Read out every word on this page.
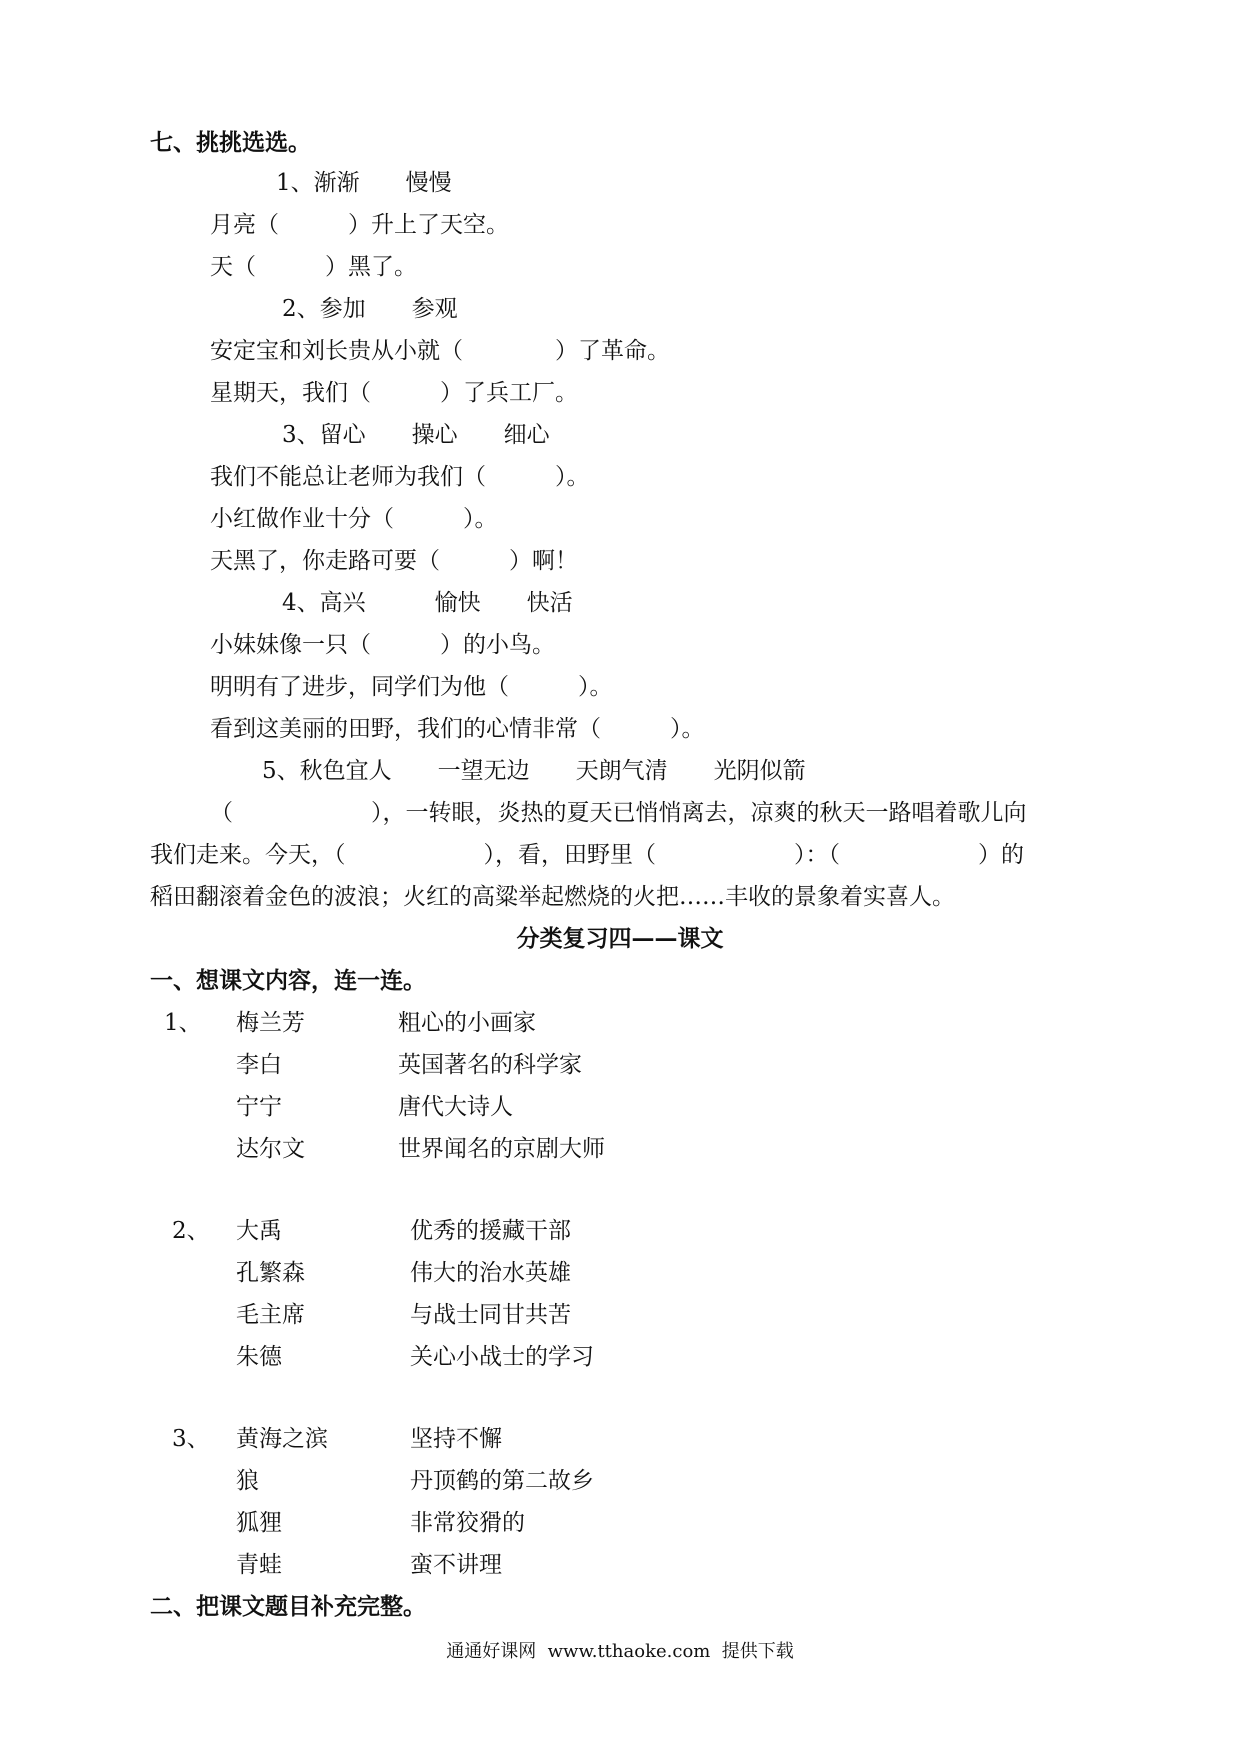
七、挑挑选选。
1、渐渐　　慢慢
月亮（　　　）升上了天空。
天（　　　）黑了。
2、参加　　参观
安定宝和刘长贵从小就（　　　　）了革命。
星期天，我们（　　　）了兵工厂。
3、留心　　操心　　细心
我们不能总让老师为我们（　　　）。
小红做作业十分（　　　）。
天黑了，你走路可要（　　　）啊！
4、高兴　　　愉快　　快活
小妹妹像一只（　　　）的小鸟。
明明有了进步，同学们为他（　　　）。
看到这美丽的田野，我们的心情非常（　　　）。
5、秋色宜人　　一望无边　　天朗气清　　光阴似箭
（　　　　　　），一转眼，炎热的夏天已悄悄离去，凉爽的秋天一路唱着歌儿向
我们走来。今天，（　　　　　　），看，田野里（　　　　　　）：（　　　　　　）的
稻田翻滚着金色的波浪；火红的高粱举起燃烧的火把……丰收的景象着实喜人。
分类复习四——课文
一、想课文内容，连一连。
1、 梅兰芳
李白
宁宁
达尔文
粗心的小画家
英国著名的科学家
唐代大诗人
世界闻名的京剧大师
2、 大禹
孔繁森
毛主席
朱德
优秀的援藏干部
伟大的治水英雄
与战士同甘共苦
关心小战士的学习
3、 黄海之滨
狼
狐狸
青蛙
坚持不懈
丹顶鹤的第二故乡
非常狡猾的
蛮不讲理
二、把课文题目补充完整。
通通好课网  www.tthaoke.com  提供下载
